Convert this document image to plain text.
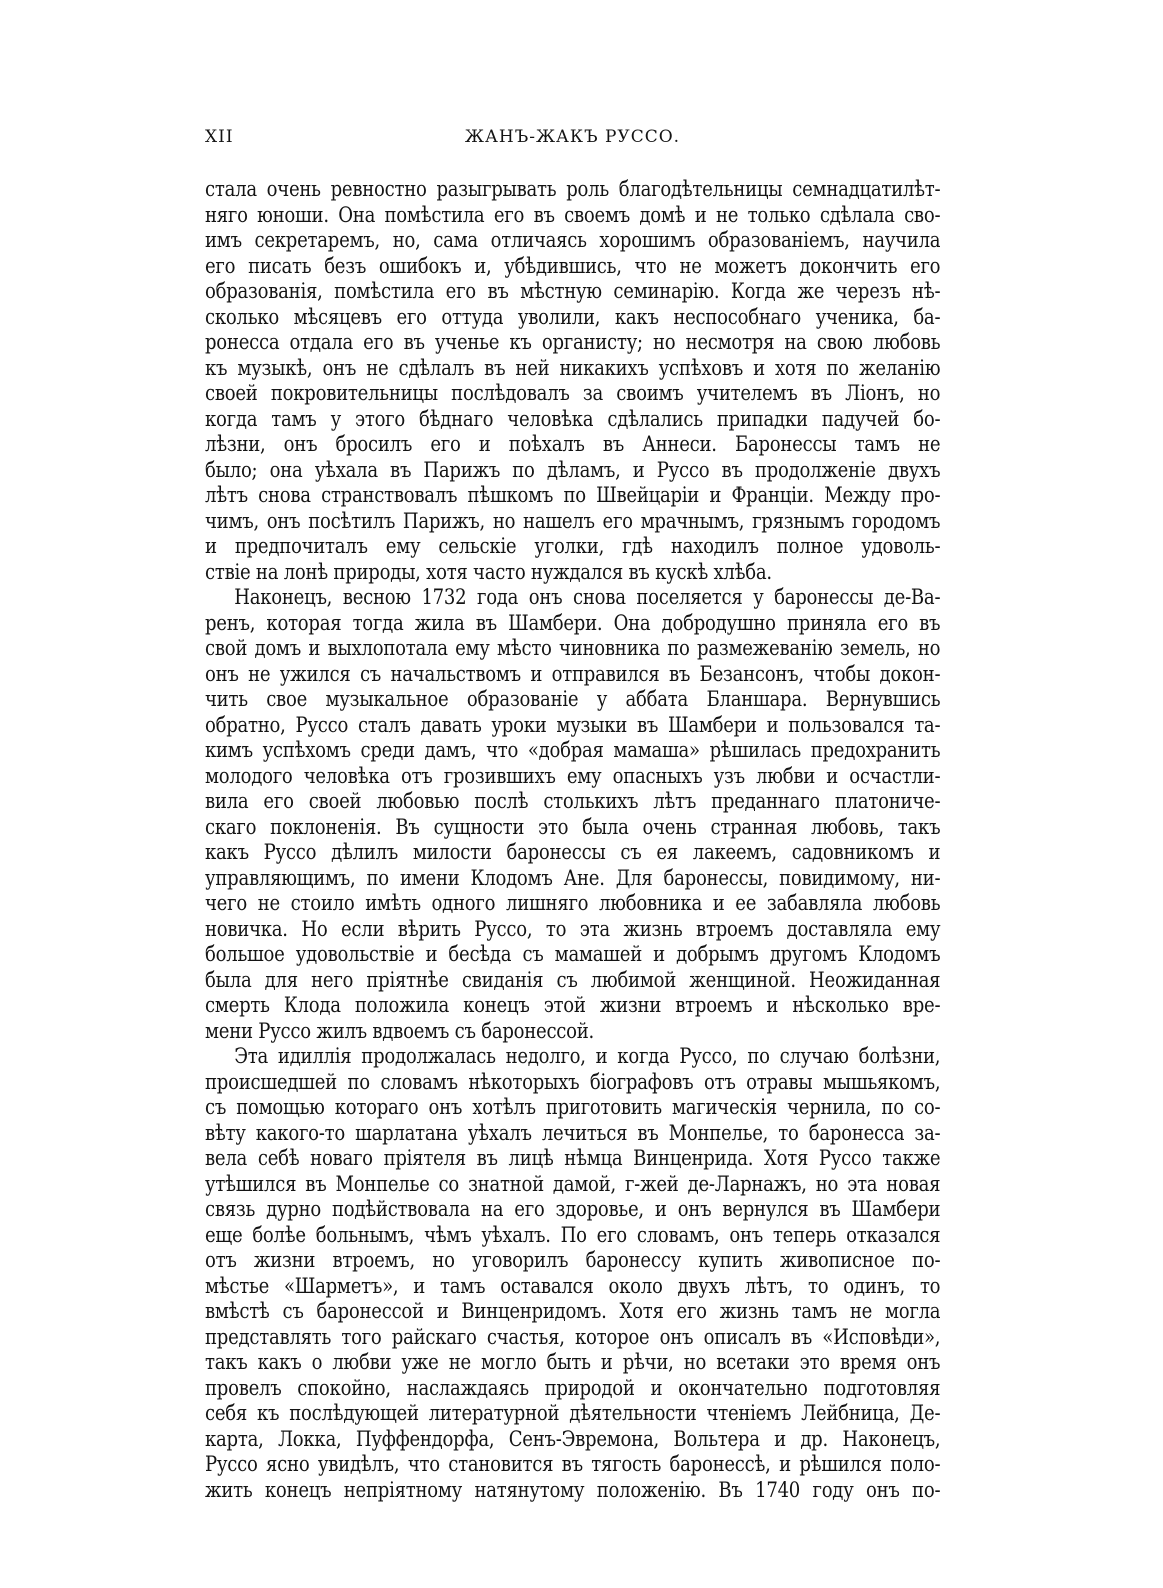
XII	ЖАНЪ-ЖАКЪ РУССО.
стала очень ревностно разыгрывать роль благодѣтельницы семнадцатилѣт-
няго юноши. Она помѣстила его въ своемъ домѣ и не только сдѣлала сво-
имъ секретаремъ, но, сама отличаясь хорошимъ образованіемъ, научила
его писать безъ ошибокъ и, убѣдившись, что не можетъ докончить его
образованія, помѣстила его въ мѣстную семинарію. Когда же черезъ нѣ-
сколько мѣсяцевъ его оттуда уволили, какъ неспособнаго ученика, ба-
ронесса отдала его въ ученье къ органисту; но несмотря на свою любовь
къ музыкѣ, онъ не сдѣлалъ въ ней никакихъ успѣховъ и хотя по желанію
своей покровительницы послѣдовалъ за своимъ учителемъ въ Ліонъ, но
когда тамъ у этого бѣднаго человѣка сдѣлались припадки падучей бо-
лѣзни, онъ бросилъ его и поѣхалъ въ Аннеси. Баронессы тамъ не
было; она уѣхала въ Парижъ по дѣламъ, и Руссо въ продолженіе двухъ
лѣтъ снова странствовалъ пѣшкомъ по Швейцаріи и Франціи. Между про-
чимъ, онъ посѣтилъ Парижъ, но нашелъ его мрачнымъ, грязнымъ городомъ
и предпочиталъ ему сельскіе уголки, гдѣ находилъ полное удоволь-
ствіе на лонѣ природы, хотя часто нуждался въ кускѣ хлѣба.
Наконецъ, весною 1732 года онъ снова поселяется у баронессы де-Ва-
ренъ, которая тогда жила въ Шамбери. Она добродушно приняла его въ
свой домъ и выхлопотала ему мѣсто чиновника по размежеванію земель, но
онъ не ужился съ начальствомъ и отправился въ Безансонъ, чтобы докон-
чить свое музыкальное образованіе у аббата Бланшара. Вернувшись
обратно, Руссо сталъ давать уроки музыки въ Шамбери и пользовался та-
кимъ успѣхомъ среди дамъ, что «добрая мамаша» рѣшилась предохранить
молодого человѣка отъ грозившихъ ему опасныхъ узъ любви и осчастли-
вила его своей любовью послѣ столькихъ лѣтъ преданнаго платониче-
скаго поклоненія. Въ сущности это была очень странная любовь, такъ
какъ Руссо дѣлилъ милости баронессы съ ея лакеемъ, садовникомъ и
управляющимъ, по имени Клодомъ Ане. Для баронессы, повидимому, ни-
чего не стоило имѣть одного лишняго любовника и ее забавляла любовь
новичка. Но если вѣрить Руссо, то эта жизнь втроемъ доставляла ему
большое удовольствіе и бесѣда съ мамашей и добрымъ другомъ Клодомъ
была для него пріятнѣе свиданія съ любимой женщиной. Неожиданная
смерть Клода положила конецъ этой жизни втроемъ и нѣсколько вре-
мени Руссо жилъ вдвоемъ съ баронессой.
Эта идиллія продолжалась недолго, и когда Руссо, по случаю болѣзни,
происшедшей по словамъ нѣкоторыхъ біографовъ отъ отравы мышьякомъ,
съ помощью котораго онъ хотѣлъ приготовить магическія чернила, по со-
вѣту какого-то шарлатана уѣхалъ лечиться въ Монпелье, то баронесса за-
вела себѣ новаго пріятеля въ лицѣ нѣмца Винценрида. Хотя Руссо также
утѣшился въ Монпелье со знатной дамой, г-жей де-Ларнажъ, но эта новая
связь дурно подѣйствовала на его здоровье, и онъ вернулся въ Шамбери
еще болѣе больнымъ, чѣмъ уѣхалъ. По его словамъ, онъ теперь отказался
отъ жизни втроемъ, но уговорилъ баронессу купить живописное по-
мѣстье «Шарметъ», и тамъ оставался около двухъ лѣтъ, то одинъ, то
вмѣстѣ съ баронессой и Винценридомъ. Хотя его жизнь тамъ не могла
представлять того райскаго счастья, которое онъ описалъ въ «Исповѣди»,
такъ какъ о любви уже не могло быть и рѣчи, но всетаки это время онъ
провелъ спокойно, наслаждаясь природой и окончательно подготовляя
себя къ послѣдующей литературной дѣятельности чтеніемъ Лейбница, Де-
карта, Локка, Пуффендорфа, Сенъ-Эвремона, Вольтера и др. Наконецъ,
Руссо ясно увидѣлъ, что становится въ тягость баронессѣ, и рѣшился поло-
жить конецъ непріятному натянутому положенію. Въ 1740 году онъ по-
